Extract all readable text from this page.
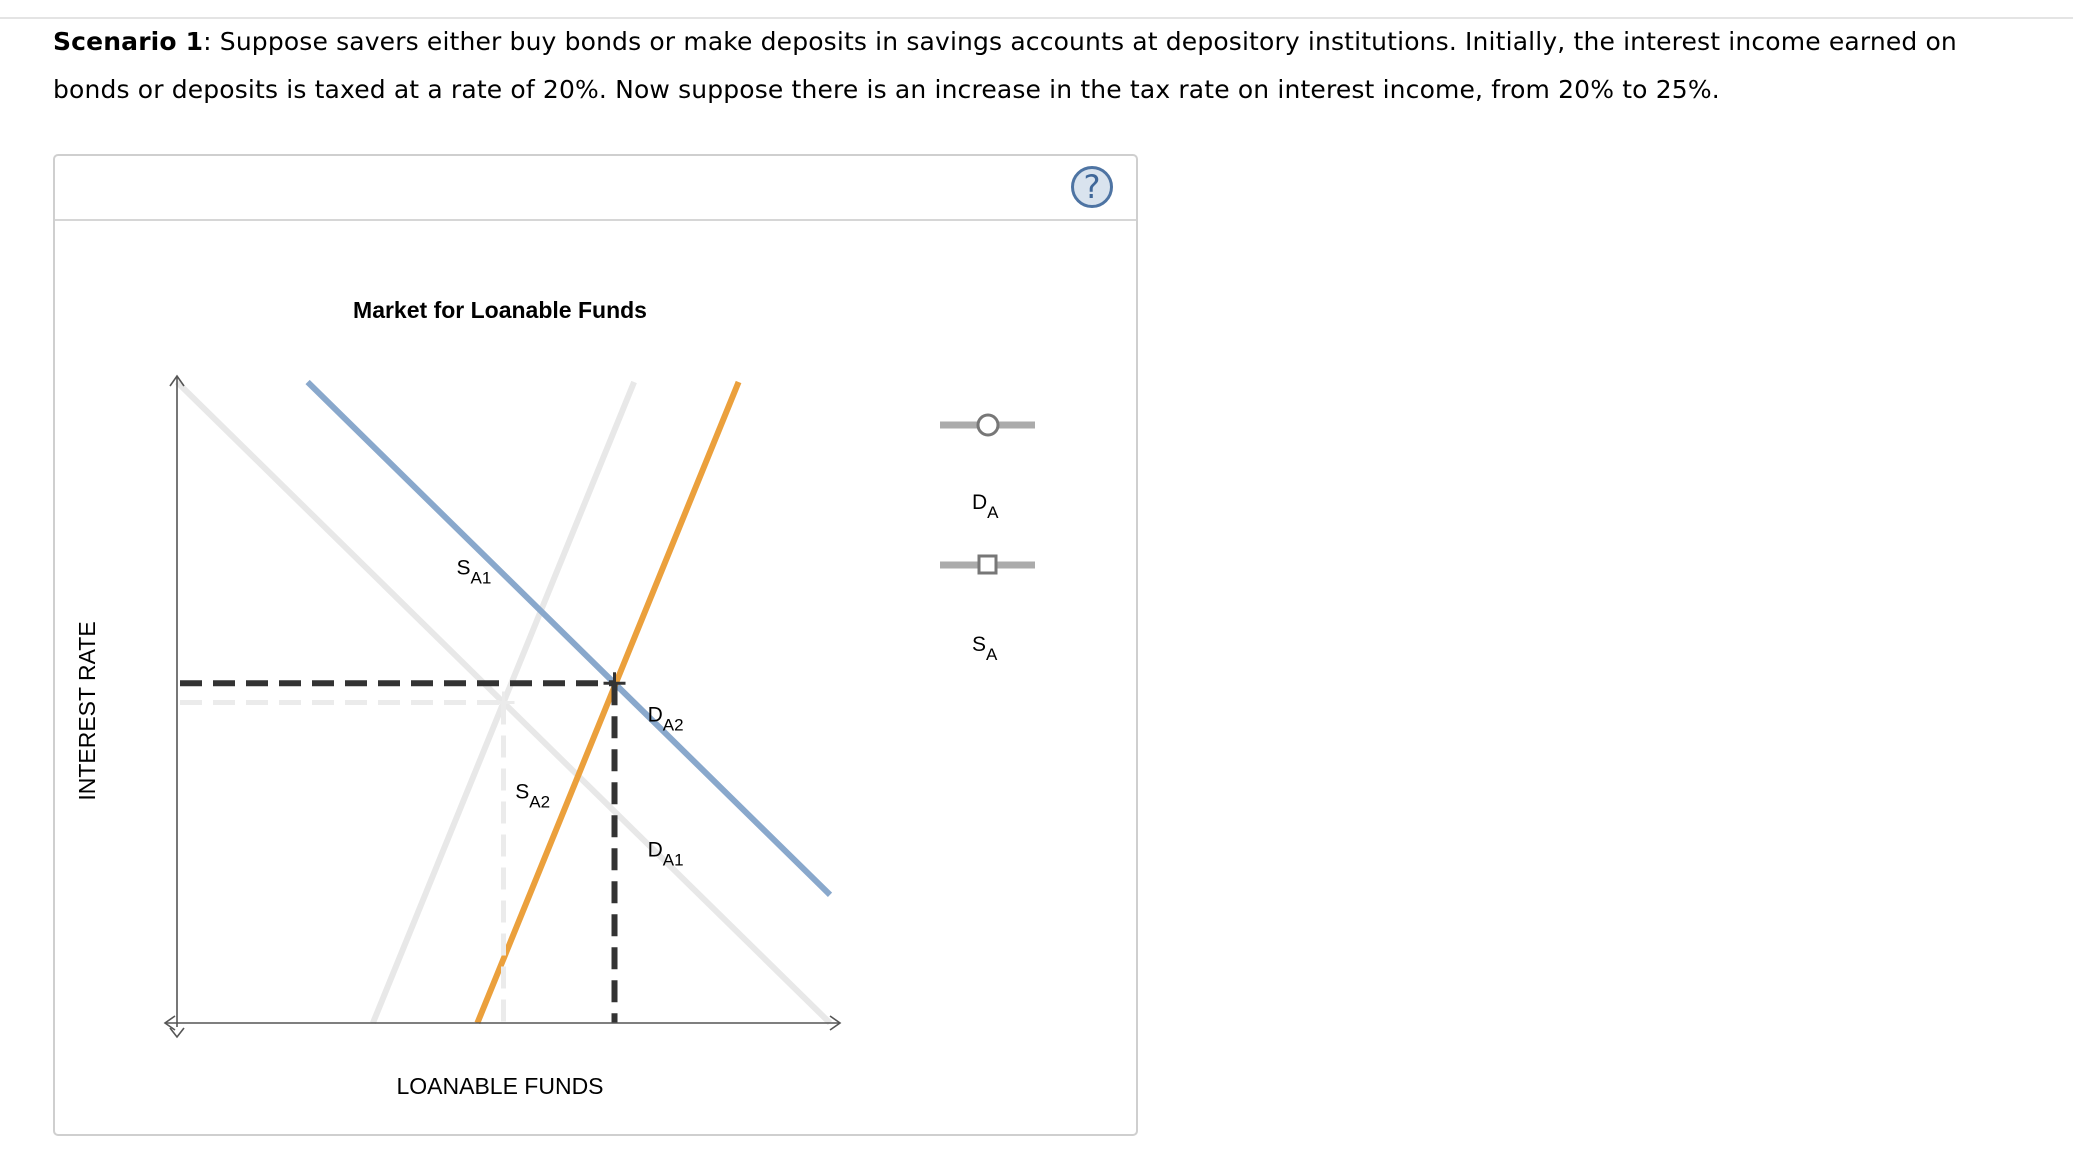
Scenario 1: Suppose savers either buy bonds or make deposits in savings accounts at depository institutions. Initially, the interest income earned on bonds or deposits is taxed at a rate of 20%. Now suppose there is an increase in the tax rate on interest income, from 20% to 25%.
?
Market for Loanable Funds
$S_{A1}$
$S_{A2}$
$D_{A2}$
$D_{A1}$
LOANABLE FUNDS
INTEREST RATE
$D_A$
$S_A$
